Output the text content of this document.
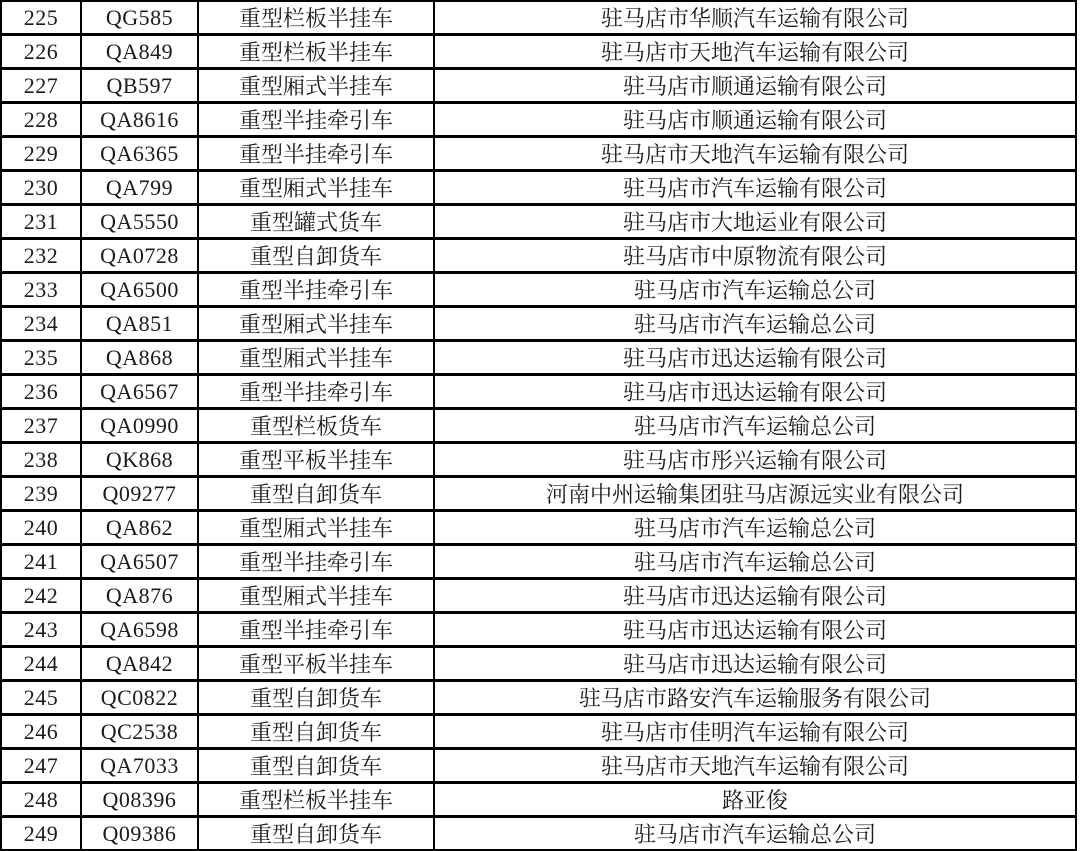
225	QG585	重型栏板半挂车	驻马店市华顺汽车运输有限公司
226	QA849	重型栏板半挂车	驻马店市天地汽车运输有限公司
227	QB597	重型厢式半挂车	驻马店市顺通运输有限公司
228	QA8616	重型半挂牵引车	驻马店市顺通运输有限公司
229	QA6365	重型半挂牵引车	驻马店市天地汽车运输有限公司
230	QA799	重型厢式半挂车	驻马店市汽车运输有限公司
231	QA5550	重型罐式货车	驻马店市大地运业有限公司
232	QA0728	重型自卸货车	驻马店市中原物流有限公司
233	QA6500	重型半挂牵引车	驻马店市汽车运输总公司
234	QA851	重型厢式半挂车	驻马店市汽车运输总公司
235	QA868	重型厢式半挂车	驻马店市迅达运输有限公司
236	QA6567	重型半挂牵引车	驻马店市迅达运输有限公司
237	QA0990	重型栏板货车	驻马店市汽车运输总公司
238	QK868	重型平板半挂车	驻马店市彤兴运输有限公司
239	Q09277	重型自卸货车	河南中州运输集团驻马店源远实业有限公司
240	QA862	重型厢式半挂车	驻马店市汽车运输总公司
241	QA6507	重型半挂牵引车	驻马店市汽车运输总公司
242	QA876	重型厢式半挂车	驻马店市迅达运输有限公司
243	QA6598	重型半挂牵引车	驻马店市迅达运输有限公司
244	QA842	重型平板半挂车	驻马店市迅达运输有限公司
245	QC0822	重型自卸货车	驻马店市路安汽车运输服务有限公司
246	QC2538	重型自卸货车	驻马店市佳明汽车运输有限公司
247	QA7033	重型自卸货车	驻马店市天地汽车运输有限公司
248	Q08396	重型栏板半挂车	路亚俊
249	Q09386	重型自卸货车	驻马店市汽车运输总公司
